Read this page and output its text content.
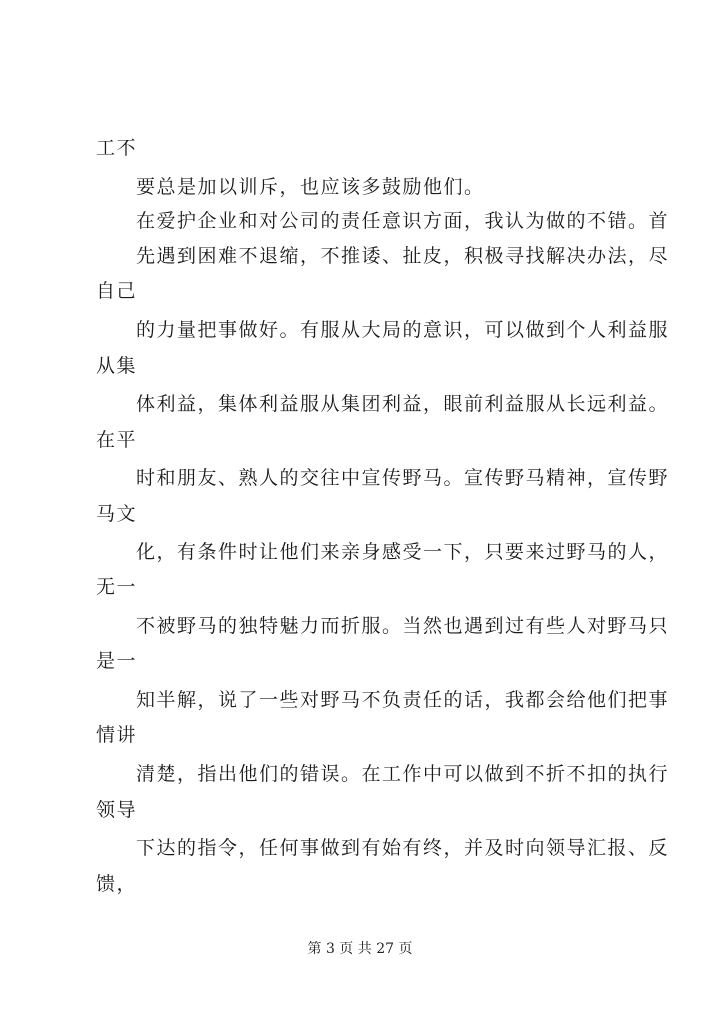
工不
要总是加以训斥，也应该多鼓励他们。
在爱护企业和对公司的责任意识方面，我认为做的不错。首
先遇到困难不退缩，不推诿、扯皮，积极寻找解决办法，尽
自己
的力量把事做好。有服从大局的意识，可以做到个人利益服
从集
体利益，集体利益服从集团利益，眼前利益服从长远利益。
在平
时和朋友、熟人的交往中宣传野马。宣传野马精神，宣传野
马文
化，有条件时让他们来亲身感受一下，只要来过野马的人，
无一
不被野马的独特魅力而折服。当然也遇到过有些人对野马只
是一
知半解，说了一些对野马不负责任的话，我都会给他们把事
情讲
清楚，指出他们的错误。在工作中可以做到不折不扣的执行
领导
下达的指令，任何事做到有始有终，并及时向领导汇报、反
馈，
第 3 页 共 27 页
